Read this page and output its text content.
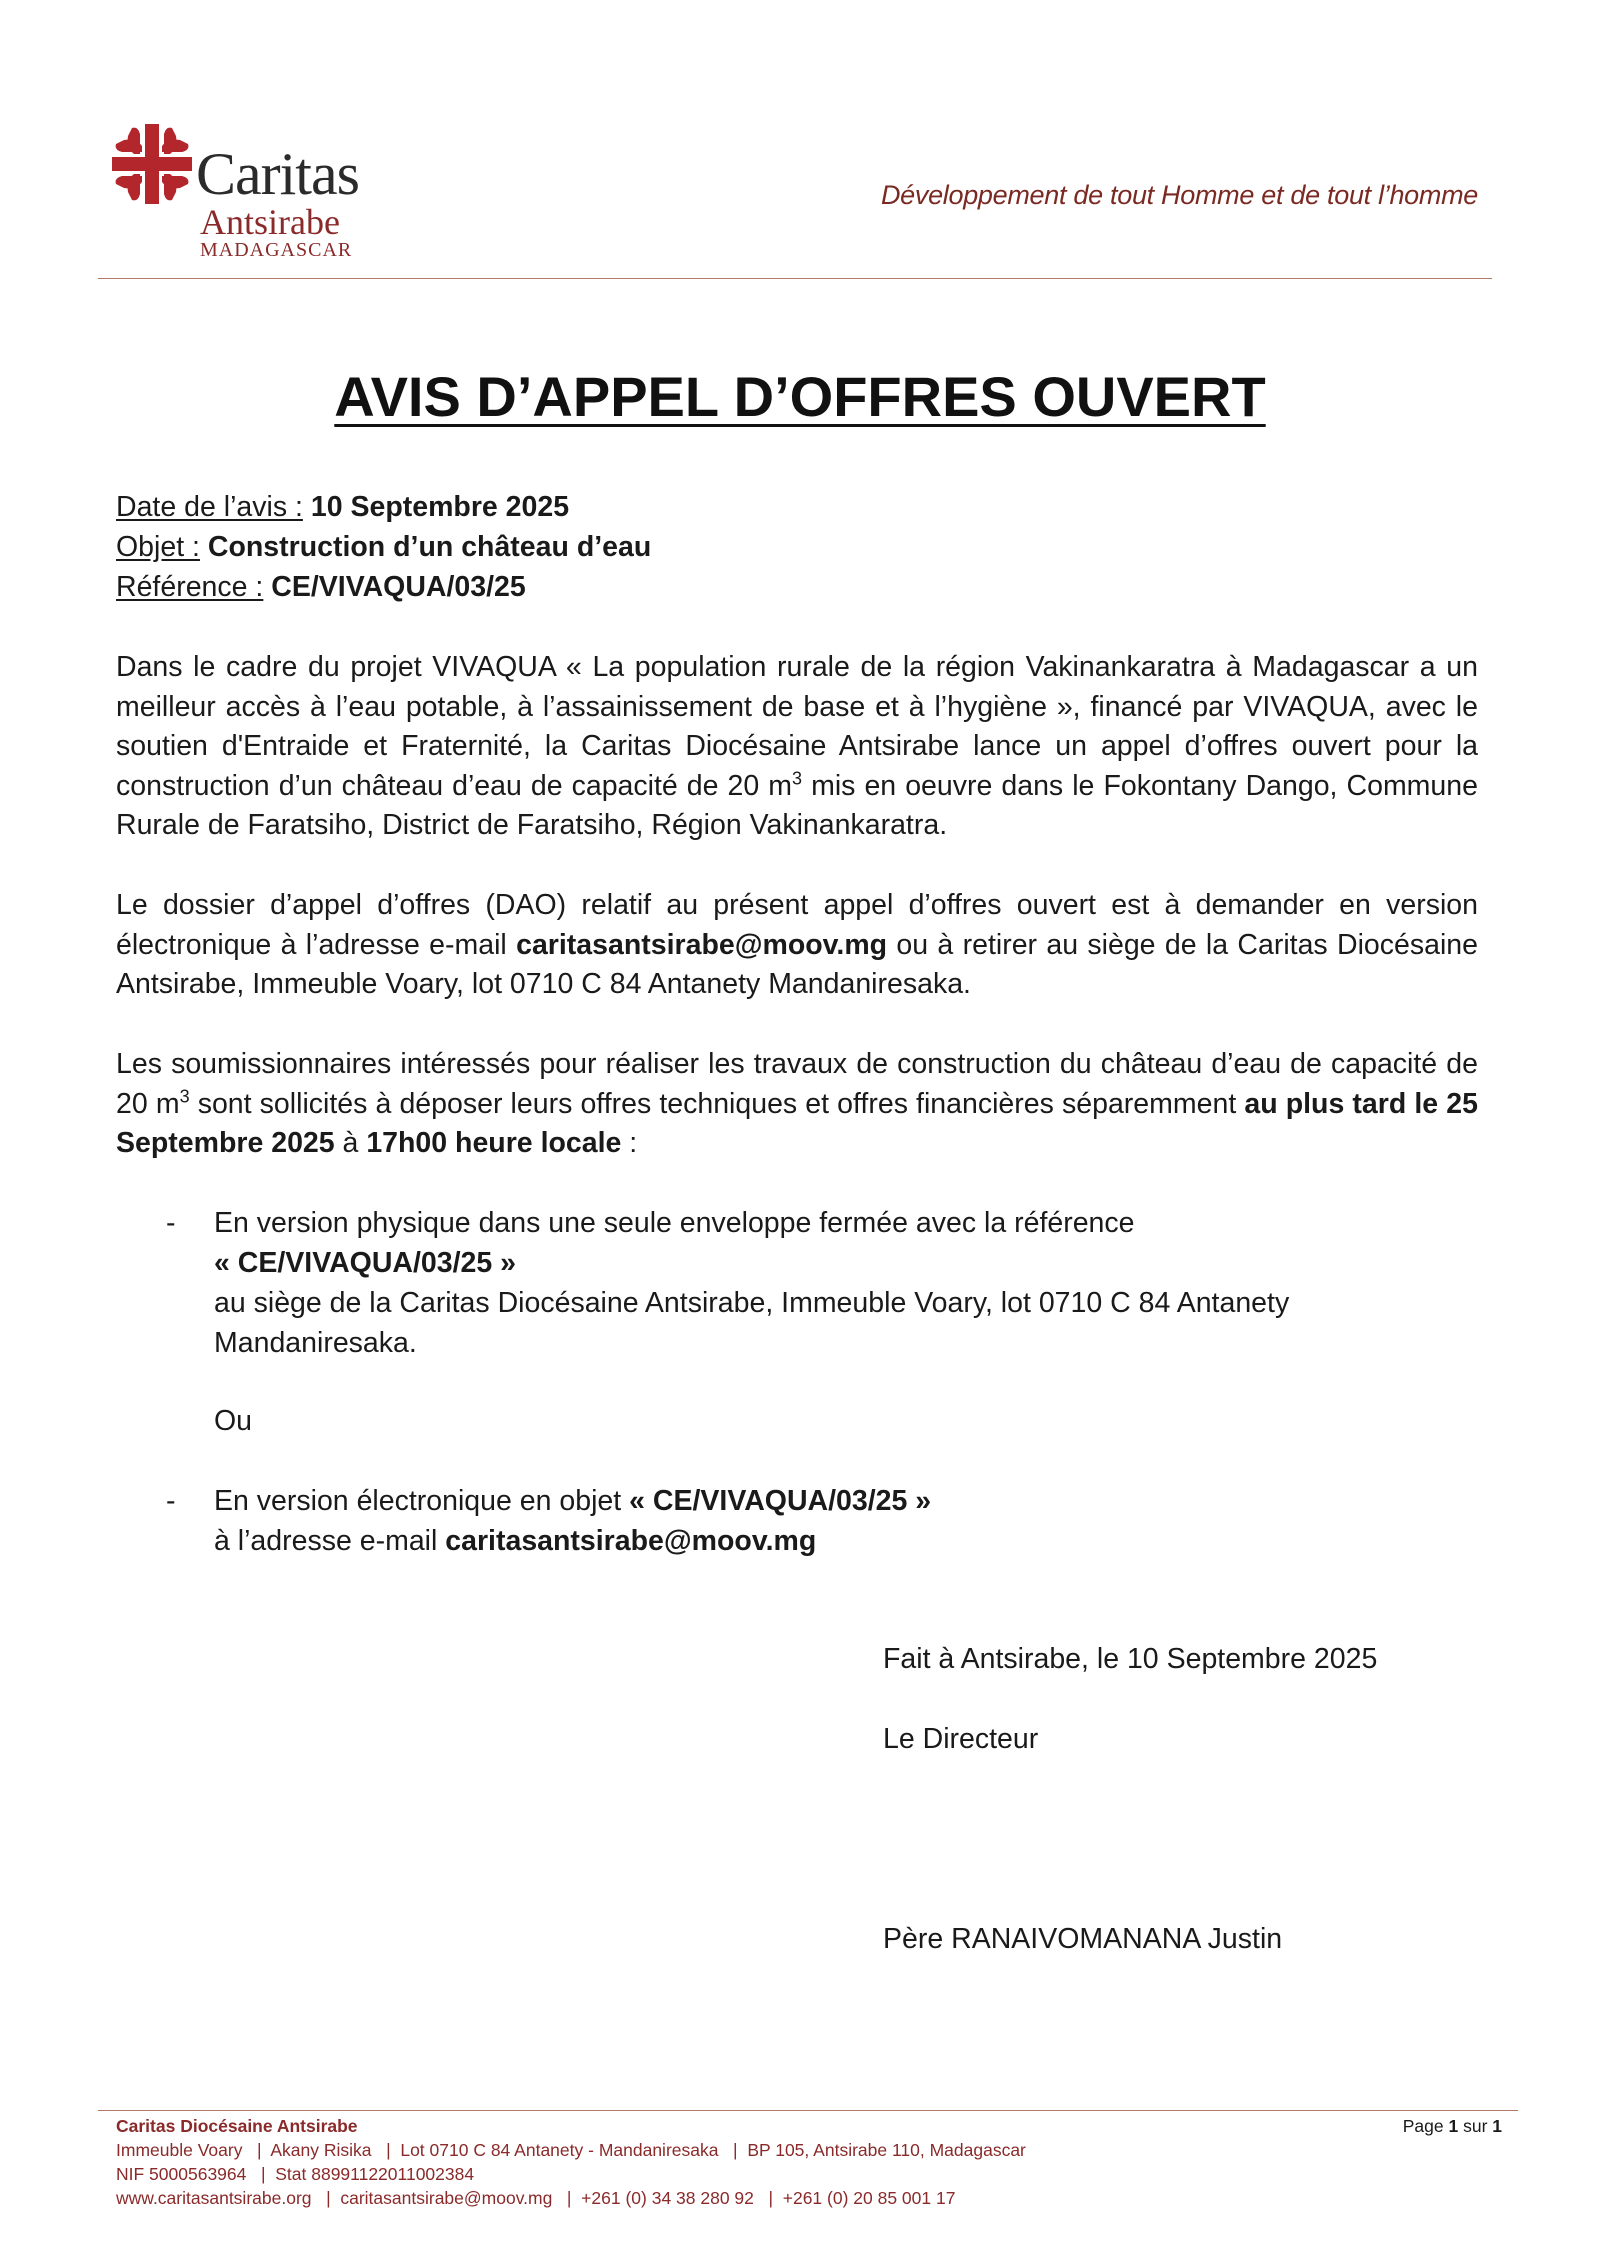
Caritas
Antsirabe
MADAGASCAR
Développement de tout Homme et de tout l’homme
AVIS D’APPEL D’OFFRES OUVERT
Date de l’avis : 10 Septembre 2025
Objet : Construction d’un château d’eau
Référence : CE/VIVAQUA/03/25
Dans le cadre du projet VIVAQUA « La population rurale de la région Vakinankaratra à Madagascar a un meilleur accès à l’eau potable, à l’assainissement de base et à l’hygiène », financé par VIVAQUA, avec le soutien d'Entraide et Fraternité, la Caritas Diocésaine Antsirabe lance un appel d’offres ouvert pour la construction d’un château d’eau de capacité de 20 $m^3$ mis en oeuvre dans le Fokontany Dango, Commune Rurale de Faratsiho, District de Faratsiho, Région Vakinankaratra.
Le dossier d’appel d’offres (DAO) relatif au présent appel d’offres ouvert est à demander en version électronique à l’adresse e-mail caritasantsirabe@moov.mg ou à retirer au siège de la Caritas Diocésaine Antsirabe, Immeuble Voary, lot 0710 C 84 Antanety Mandaniresaka.
Les soumissionnaires intéressés pour réaliser les travaux de construction du château d’eau de capacité de 20 $m^3$ sont sollicités à déposer leurs offres techniques et offres financières séparemment au plus tard le 25 Septembre 2025 à 17h00 heure locale :
- En version physique dans une seule enveloppe fermée avec la référence
« CE/VIVAQUA/03/25 »
au siège de la Caritas Diocésaine Antsirabe, Immeuble Voary, lot 0710 C 84 Antanety
Mandaniresaka.
Ou
- En version électronique en objet « CE/VIVAQUA/03/25 »
à l’adresse e-mail caritasantsirabe@moov.mg
Fait à Antsirabe, le 10 Septembre 2025
Le Directeur
Père RANAIVOMANANA Justin
Caritas Diocésaine Antsirabe
Immeuble Voary   |  Akany Risika   |  Lot 0710 C 84 Antanety - Mandaniresaka   |  BP 105, Antsirabe 110, Madagascar
NIF 5000563964   |  Stat 88991122011002384
www.caritasantsirabe.org   |  caritasantsirabe@moov.mg   |  +261 (0) 34 38 280 92   |  +261 (0) 20 85 001 17
Page 1 sur 1
